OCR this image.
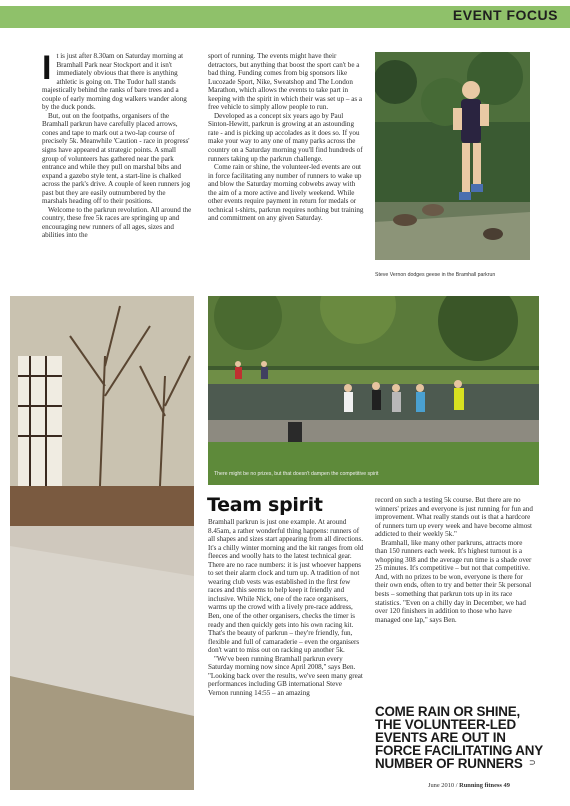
EVENT FOCUS
I t is just after 8.30am on Saturday morning at Bramhall Park near Stockport and it isn't immediately obvious that there is anything athletic is going on. The Tudor hall stands majestically behind the ranks of bare trees and a couple of early morning dog walkers wander along by the duck ponds.

But, out on the footpaths, organisers of the Bramhall parkrun have carefully placed arrows, cones and tape to mark out a two-lap course of precisely 5k. Meanwhile 'Caution - race in progress' signs have appeared at strategic points. A small group of volunteers has gathered near the park entrance and while they pull on marshal bibs and expand a gazebo style tent, a start-line is chalked across the park's drive. A couple of keen runners jog past but they are easily outnumbered by the marshals heading off to their positions.

Welcome to the parkrun revolution. All around the country, these free 5k races are springing up and encouraging new runners of all ages, sizes and abilities into the

sport of running. The events might have their detractors, but anything that boost the sport can't be a bad thing. Funding comes from big sponsors like Lucozade Sport, Nike, Sweatshop and The London Marathon, which allows the events to take part in keeping with the spirit in which their was set up – as a free vehicle to simply allow people to run.

Developed as a concept six years ago by Paul Sinton-Hewitt, parkrun is growing at an astounding rate - and is picking up accolades as it does so. If you make your way to any one of many parks across the country on a Saturday morning you'll find hundreds of runners taking up the parkrun challenge.

Come rain or shine, the volunteer-led events are out in force facilitating any number of runners to wake up and blow the Saturday morning cobwebs away with the aim of a more active and lively weekend. While other events require payment in return for medals or technical t-shirts, parkrun requires nothing but training and commitment on any given Saturday.

Steve Vernon dodges geese in the Bramhall parkrun
There might be no prizes, but that doesn't dampen the competitive spirit
Team spirit

Bramhall parkrun is just one example. At around 8.45am, a rather wonderful thing happens: runners of all shapes and sizes start appearing from all directions. It's a chilly winter morning and the kit ranges from old fleeces and woolly hats to the latest technical gear. There are no race numbers: it is just whoever happens to set their alarm clock and turn up. A tradition of not wearing club vests was established in the first few races and this seems to help keep it friendly and inclusive. While Nick, one of the race organisers, warms up the crowd with a lively pre-race address, Ben, one of the other organisers, checks the timer is ready and then quickly gets into his own racing kit. That's the beauty of parkrun – they're friendly, fun, flexible and full of camaraderie – even the organisers don't want to miss out on racking up another 5k.

"We've been running Bramhall parkrun every Saturday morning now since April 2008," says Ben. "Looking back over the results, we've seen many great performances including GB international Steve Vernon running 14:55 – an amazing

record on such a testing 5k course. But there are no winners' prizes and everyone is just running for fun and improvement. What really stands out is that a hardcore of runners turn up every week and have become almost addicted to their weekly 5k."

Bramhall, like many other parkruns, attracts more than 150 runners each week. It's highest turnout is a whopping 308 and the average run time is a shade over 25 minutes. It's competitive – but not that competitive. And, with no prizes to be won, everyone is there for their own ends, often to try and better their 5k personal bests – something that parkrun tots up in its race statistics. "Even on a chilly day in December, we had over 120 finishers in addition to those who have managed one lap," says Ben.

COME RAIN OR SHINE,
THE VOLUNTEER-LED
EVENTS ARE OUT IN
FORCE FACILITATING ANY
NUMBER OF RUNNERS ⊃
June 2010 / Running fitness 49
